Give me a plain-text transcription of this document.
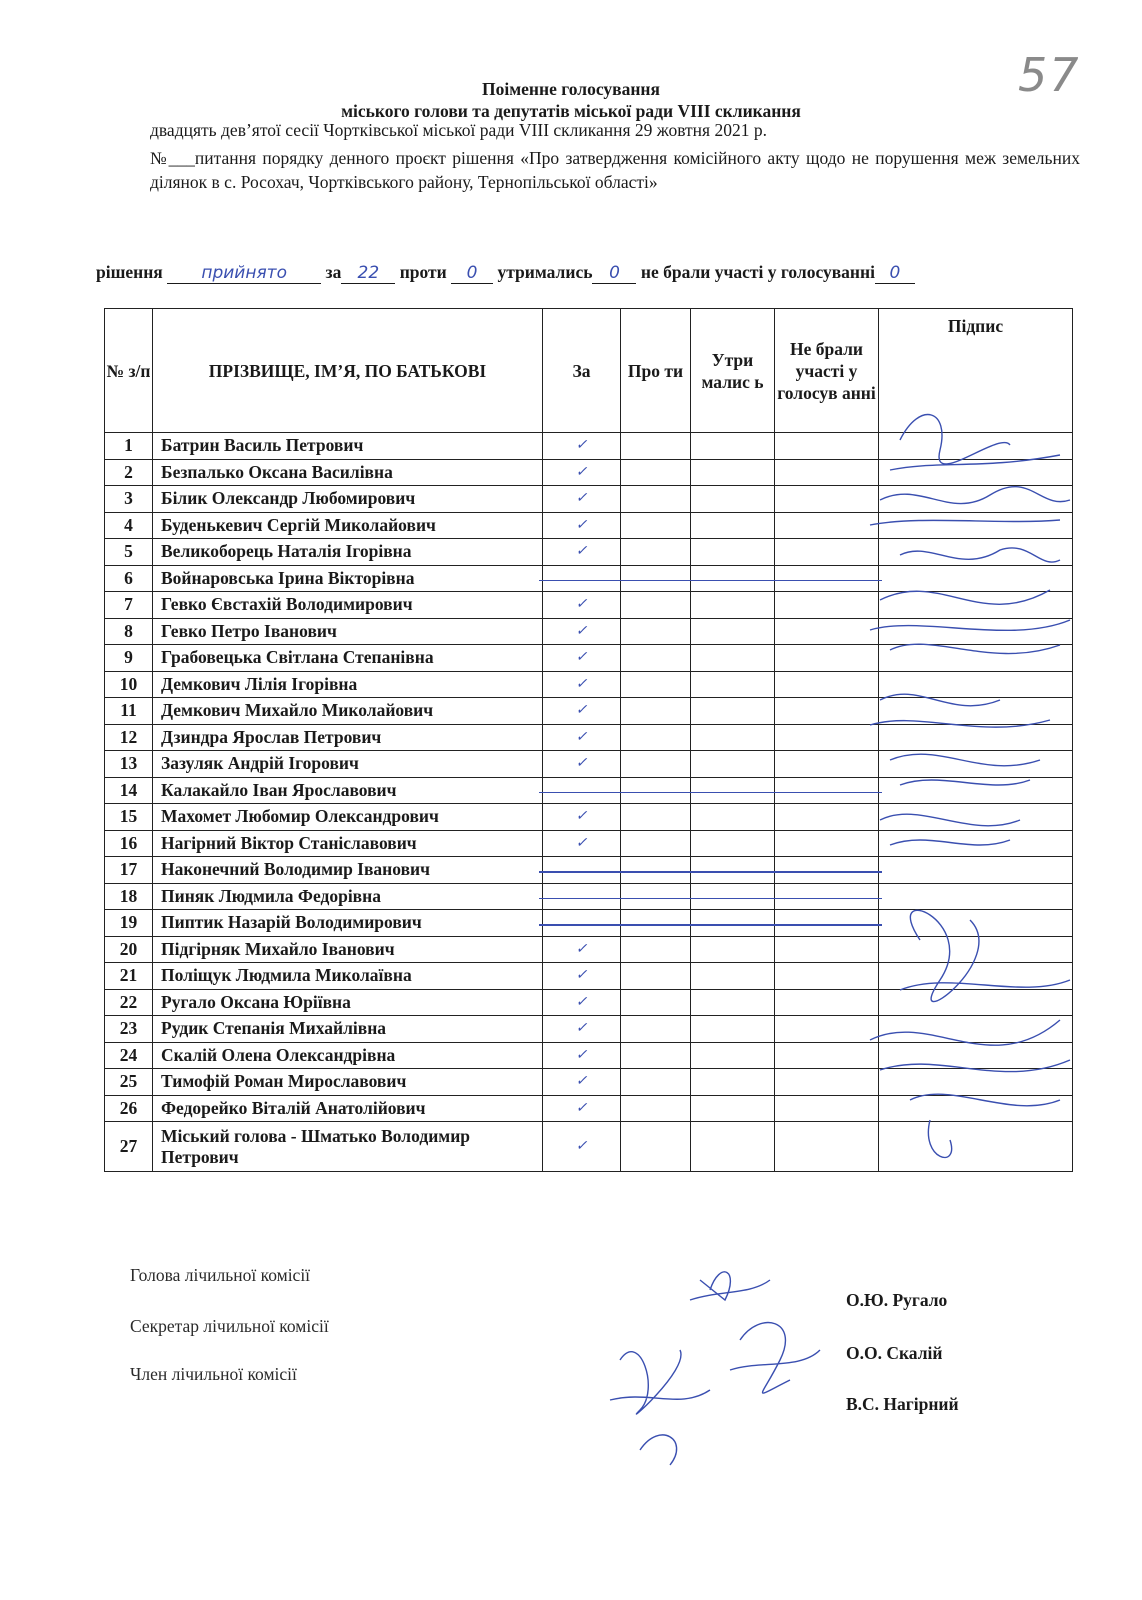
57
Поіменне голосування
міського голови та депутатів міської ради VIII скликання
двадцять дев’ятої сесії Чортківської міської ради VIII скликання 29 жовтня 2021 р.
№___питання порядку денного проєкт рішення «Про затвердження комісійного акту щодо не порушення меж земельних ділянок в с. Росохач, Чортківського району, Тернопільської області»
рішення прийнято за 22 проти 0 утримались 0 не брали участі у голосуванні 0
№ з/п	ПРІЗВИЩЕ, ІМ’Я, ПО БАТЬКОВІ	За	Про ти	Утри малис ь	Не брали участі у голосув анні	Підпис
1	Батрин Василь Петрович	✓				
2	Безпалько Оксана Василівна	✓				
3	Білик Олександр Любомирович	✓				
4	Буденькевич Сергій Миколайович	✓				
5	Великоборець Наталія Ігорівна	✓				
6	Войнаровська Ірина Вікторівна	

7	Гевко Євстахій Володимирович	✓				
8	Гевко Петро Іванович	✓				
9	Грабовецька Світлана Степанівна	✓				
10	Демкович Лілія Ігорівна	✓				
11	Демкович Михайло Миколайович	✓				
12	Дзиндра Ярослав Петрович	✓				
13	Зазуляк Андрій Ігорович	✓				
14	Калакайло Іван Ярославович	

15	Махомет Любомир Олександрович	✓				
16	Нагірний Віктор Станіславович	✓				
17	Наконечний Володимир Іванович	

18	Пиняк Людмила Федорівна	

19	Пиптик Назарій Володимирович	

20	Підгірняк Михайло Іванович	✓				
21	Поліщук Людмила Миколаївна	✓				
22	Ругало Оксана Юріївна	✓				
23	Рудик Степанія Михайлівна	✓				
24	Скалій Олена Олександрівна	✓				
25	Тимофій Роман Мирославович	✓				
26	Федорейко Віталій Анатолійович	✓				
27	Міський голова - Шматько Володимир Петрович	✓				
Голова лічильної комісії
Секретар лічильної комісії
Член лічильної комісії
О.Ю. Ругало
О.О. Скалій
В.С. Нагірний
